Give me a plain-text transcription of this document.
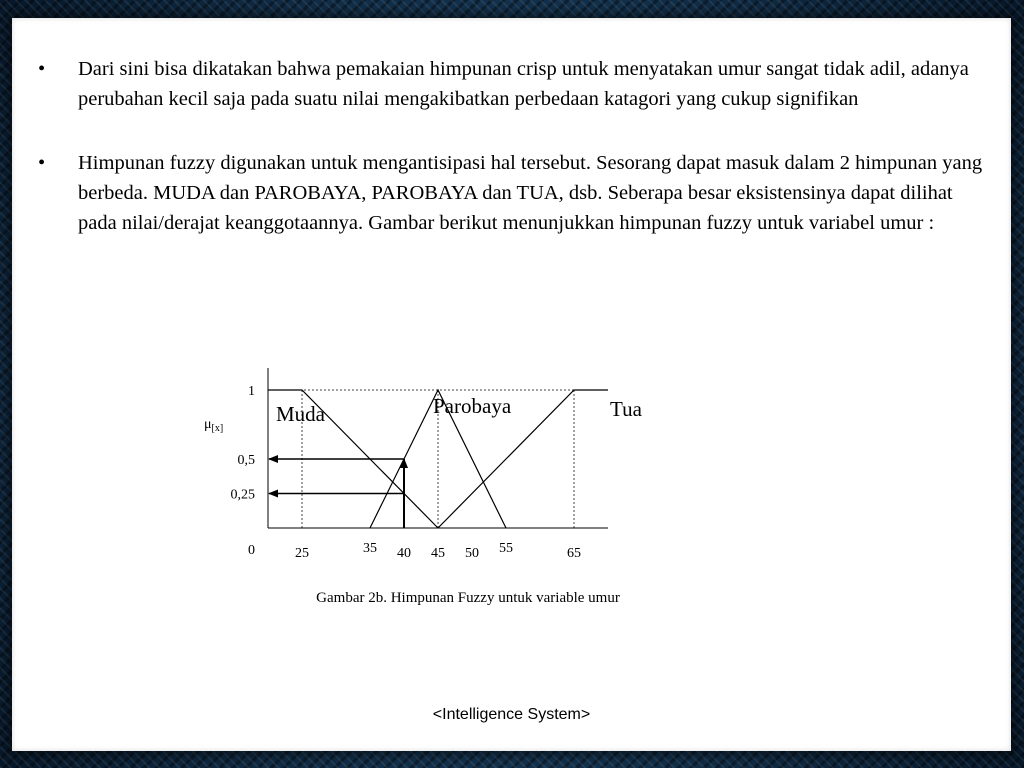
• Dari sini bisa dikatakan bahwa pemakaian himpunan crisp untuk menyatakan umur sangat tidak adil, adanya perubahan kecil saja pada suatu nilai mengakibatkan perbedaan katagori yang cukup signifikan
• Himpunan fuzzy digunakan untuk mengantisipasi hal tersebut. Sesorang dapat masuk dalam 2 himpunan yang berbeda. MUDA dan PAROBAYA, PAROBAYA dan TUA, dsb. Seberapa besar eksistensinya dapat dilihat pada nilai/derajat keanggotaannya. Gambar berikut menunjukkan himpunan fuzzy untuk variabel umur :
25	35 40 45 50 55	65
0
0,25
0,5
1
Muda	Parobaya	Tua
$\mu_{[x]}$
Gambar 2b. Himpunan Fuzzy untuk variable umur
<Intelligence System>
